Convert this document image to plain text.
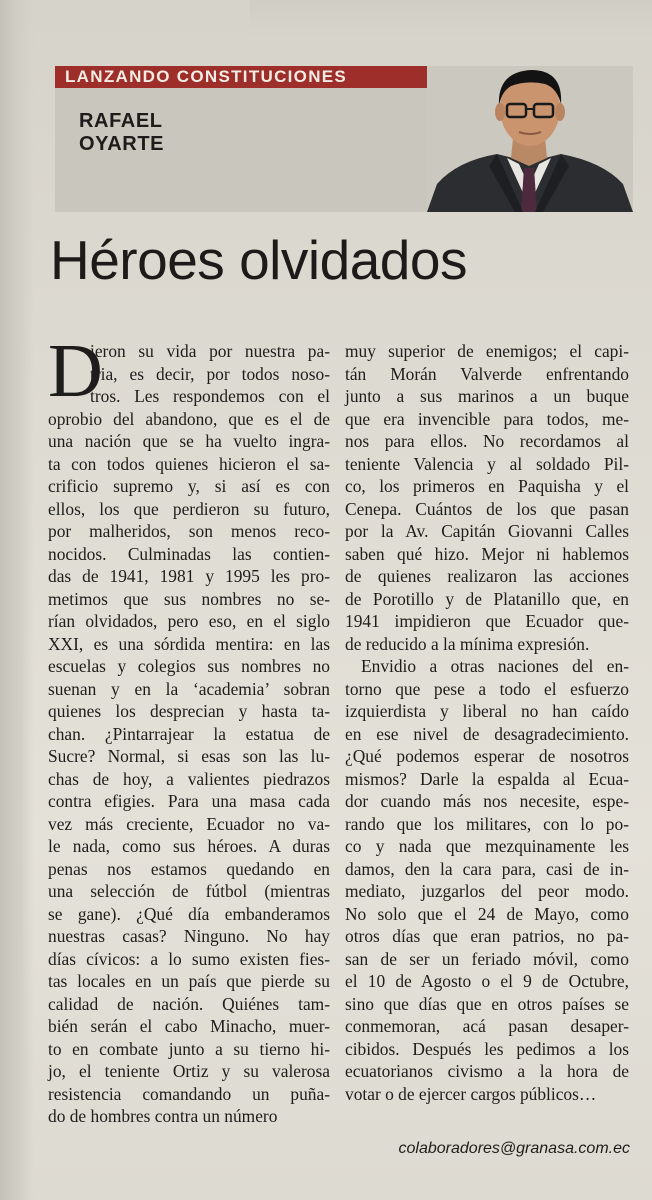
LANZANDO CONSTITUCIONES
RAFAEL
OYARTE
Héroes olvidados
D
ieron su vida por nuestra pa-
tria, es decir, por todos noso-
tros. Les respondemos con el
oprobio del abandono, que es el de
una nación que se ha vuelto ingra-
ta con todos quienes hicieron el sa-
crificio supremo y, si así es con
ellos, los que perdieron su futuro,
por malheridos, son menos reco-
nocidos. Culminadas las contien-
das de 1941, 1981 y 1995 les pro-
metimos que sus nombres no se-
rían olvidados, pero eso, en el siglo
XXI, es una sórdida mentira: en las
escuelas y colegios sus nombres no
suenan y en la ‘academia’ sobran
quienes los desprecian y hasta ta-
chan. ¿Pintarrajear la estatua de
Sucre? Normal, si esas son las lu-
chas de hoy, a valientes piedrazos
contra efigies. Para una masa cada
vez más creciente, Ecuador no va-
le nada, como sus héroes. A duras
penas nos estamos quedando en
una selección de fútbol (mientras
se gane). ¿Qué día embanderamos
nuestras casas? Ninguno. No hay
días cívicos: a lo sumo existen fies-
tas locales en un país que pierde su
calidad de nación. Quiénes tam-
bién serán el cabo Minacho, muer-
to en combate junto a su tierno hi-
jo, el teniente Ortiz y su valerosa
resistencia comandando un puña-
do de hombres contra un número
muy superior de enemigos; el capi-
tán Morán Valverde enfrentando
junto a sus marinos a un buque
que era invencible para todos, me-
nos para ellos. No recordamos al
teniente Valencia y al soldado Pil-
co, los primeros en Paquisha y el
Cenepa. Cuántos de los que pasan
por la Av. Capitán Giovanni Calles
saben qué hizo. Mejor ni hablemos
de quienes realizaron las acciones
de Porotillo y de Platanillo que, en
1941 impidieron que Ecuador que-
de reducido a la mínima expresión.
Envidio a otras naciones del en-
torno que pese a todo el esfuerzo
izquierdista y liberal no han caído
en ese nivel de desagradecimiento.
¿Qué podemos esperar de nosotros
mismos? Darle la espalda al Ecua-
dor cuando más nos necesite, espe-
rando que los militares, con lo po-
co y nada que mezquinamente les
damos, den la cara para, casi de in-
mediato, juzgarlos del peor modo.
No solo que el 24 de Mayo, como
otros días que eran patrios, no pa-
san de ser un feriado móvil, como
el 10 de Agosto o el 9 de Octubre,
sino que días que en otros países se
conmemoran, acá pasan desaper-
cibidos. Después les pedimos a los
ecuatorianos civismo a la hora de
votar o de ejercer cargos públicos…
colaboradores@granasa.com.ec
